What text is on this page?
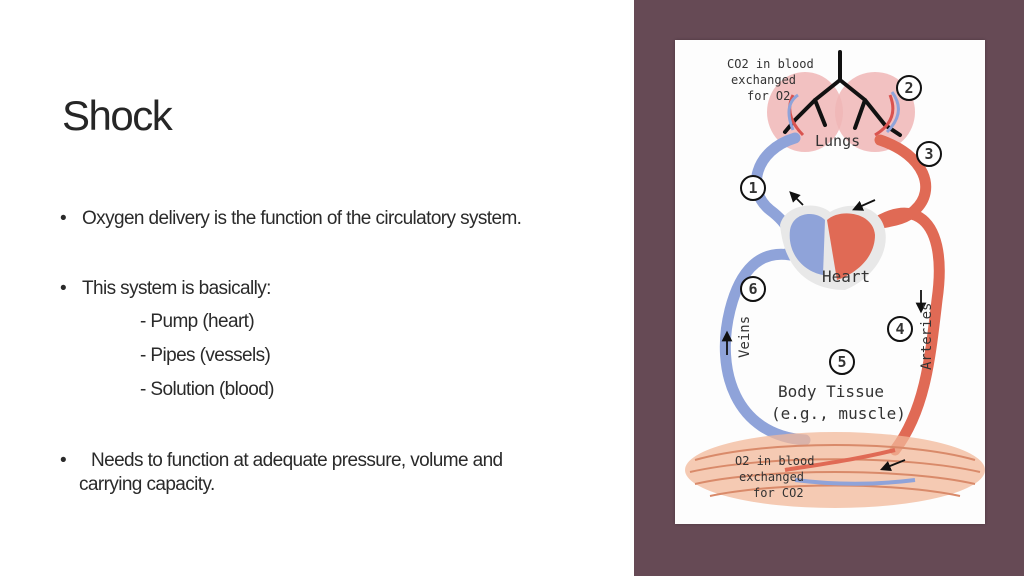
Shock
• Oxygen delivery is the function of the circulatory system.
• This system is basically:
- Pump (heart)
- Pipes (vessels)
- Solution (blood)
• Needs to function at adequate pressure, volume and
carrying capacity.
CO2 in blood
exchanged
for O2
Lungs
Heart
1
2
3
4
5
6
Veins	Arteries
Body Tissue
(e.g., muscle)
O2 in blood
exchanged
for CO2
